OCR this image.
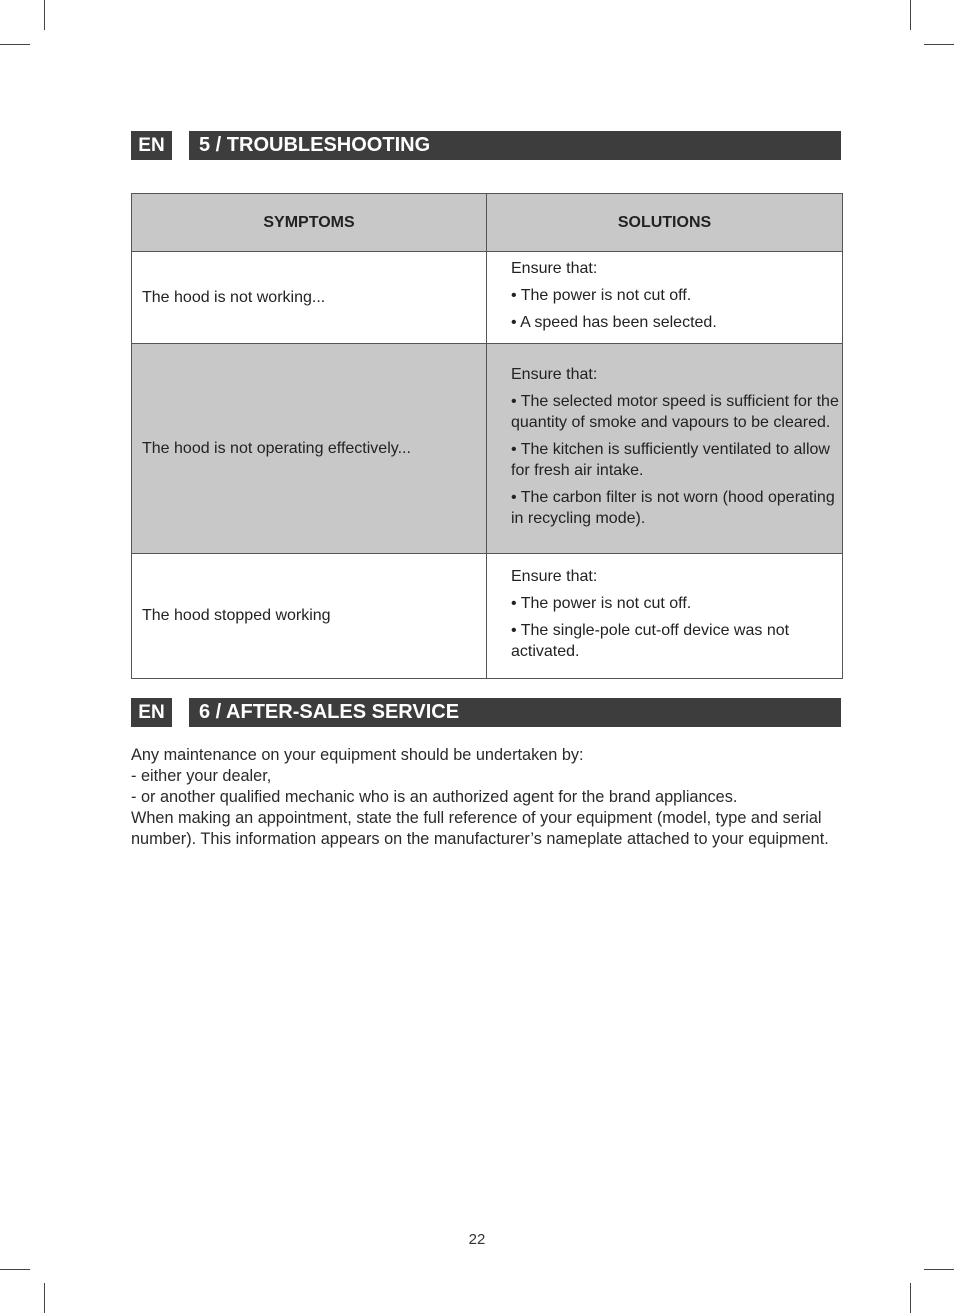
EN	5 / TROUBLESHOOTING
SYMPTOMS	SOLUTIONS
The hood is not working...	Ensure that:
• The power is not cut off.
• A speed has been selected.

The hood is not operating effectively...	Ensure that:
• The selected motor speed is sufficient for the quantity of smoke and vapours to be cleared.
• The kitchen is sufficiently ventilated to allow for fresh air intake.
• The carbon filter is not worn (hood operating in recycling mode).

The hood stopped working	Ensure that:
• The power is not cut off.
• The single-pole cut-off device was not activated.
EN	6 / AFTER-SALES SERVICE

Any maintenance on your equipment should be undertaken by:

- either your dealer,

- or another qualified mechanic who is an authorized agent for the brand appliances.

When making an appointment, state the full reference of your equipment (model, type and serial number). This information appears on the manufacturer’s nameplate attached to your equipment.

22
